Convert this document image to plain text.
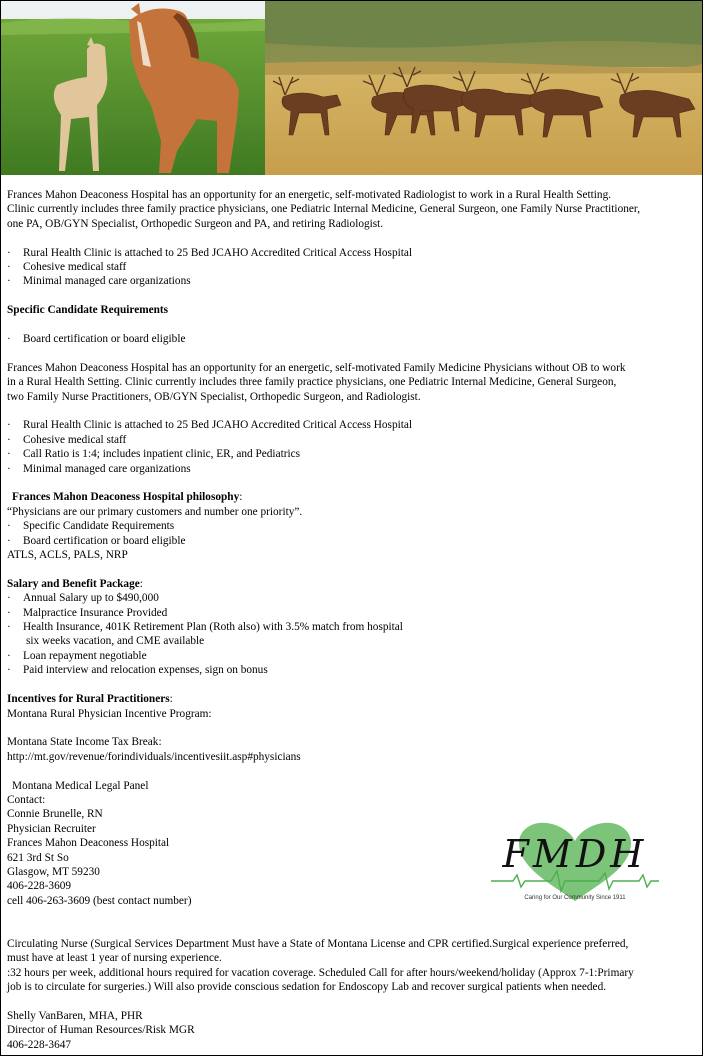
Frances Mahon Deaconess Hospital has an opportunity for an energetic, self-motivated Radiologist to work in a Rural Health Setting.
Clinic currently includes three family practice physicians, one Pediatric Internal Medicine, General Surgeon, one Family Nurse Practitioner,
one PA, OB/GYN Specialist, Orthopedic Surgeon and PA, and retiring Radiologist.
· Rural Health Clinic is attached to 25 Bed JCAHO Accredited Critical Access Hospital
· Cohesive medical staff
· Minimal managed care organizations
Specific Candidate Requirements
· Board certification or board eligible
Frances Mahon Deaconess Hospital has an opportunity for an energetic, self-motivated Family Medicine Physicians without OB to work
in a Rural Health Setting. Clinic currently includes three family practice physicians, one Pediatric Internal Medicine, General Surgeon,
two Family Nurse Practitioners, OB/GYN Specialist, Orthopedic Surgeon, and Radiologist.
· Rural Health Clinic is attached to 25 Bed JCAHO Accredited Critical Access Hospital
· Cohesive medical staff
· Call Ratio is 1:4; includes inpatient clinic, ER, and Pediatrics
· Minimal managed care organizations
Frances Mahon Deaconess Hospital philosophy:
“Physicians are our primary customers and number one priority”.
· Specific Candidate Requirements
· Board certification or board eligible
ATLS, ACLS, PALS, NRP
Salary and Benefit Package:
· Annual Salary up to $490,000
· Malpractice Insurance Provided
· Health Insurance, 401K Retirement Plan (Roth also) with 3.5% match from hospital
six weeks vacation, and CME available
· Loan repayment negotiable
· Paid interview and relocation expenses, sign on bonus
Incentives for Rural Practitioners:
Montana Rural Physician Incentive Program:
Montana State Income Tax Break:
http://mt.gov/revenue/forindividuals/incentivesiit.asp#physicians
Montana Medical Legal Panel
Contact:
Connie Brunelle, RN
Physician Recruiter
Frances Mahon Deaconess Hospital
621 3rd St So
Glasgow, MT 59230
406-228-3609
cell 406-263-3609 (best contact number)
Circulating Nurse (Surgical Services Department Must have a State of Montana License and CPR certified.Surgical experience preferred,
must have at least 1 year of nursing experience.
:32 hours per week, additional hours required for vacation coverage. Scheduled Call for after hours/weekend/holiday (Approx 7-1:Primary
job is to circulate for surgeries.) Will also provide conscious sedation for Endoscopy Lab and recover surgical patients when needed.
Shelly VanBaren, MHA, PHR
Director of Human Resources/Risk MGR
406-228-3647
FMDH
Caring for Our Community Since 1911
